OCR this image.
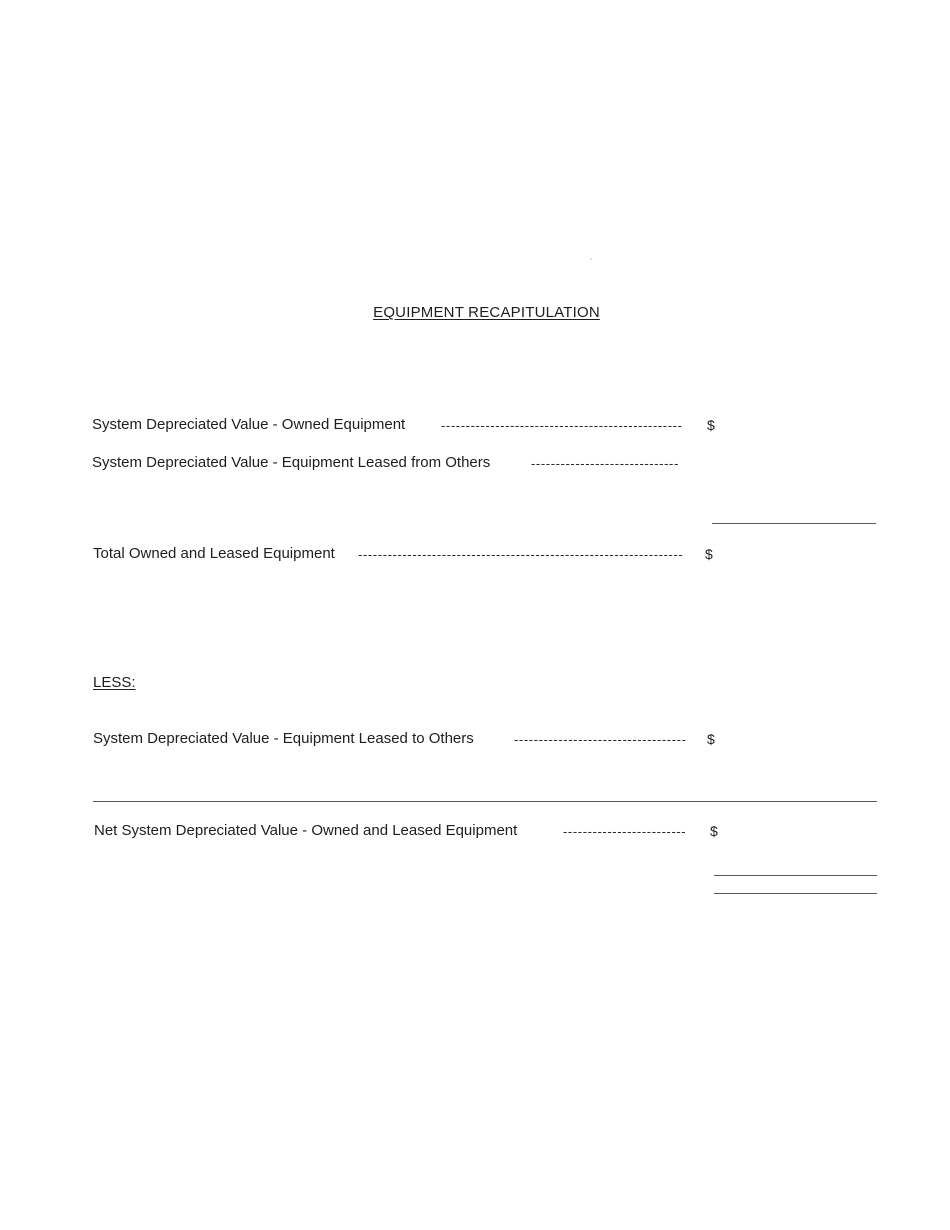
EQUIPMENT RECAPITULATION
System Depreciated Value - Owned Equipment	------------------------------------------------- $
System Depreciated Value - Equipment Leased from Others	------------------------------
Total Owned and Leased Equipment ------------------------------------------------------------------ $
LESS:
System Depreciated Value - Equipment Leased to Others	----------------------------------- $
Net System Depreciated Value - Owned and Leased Equipment	-------------------------	$
